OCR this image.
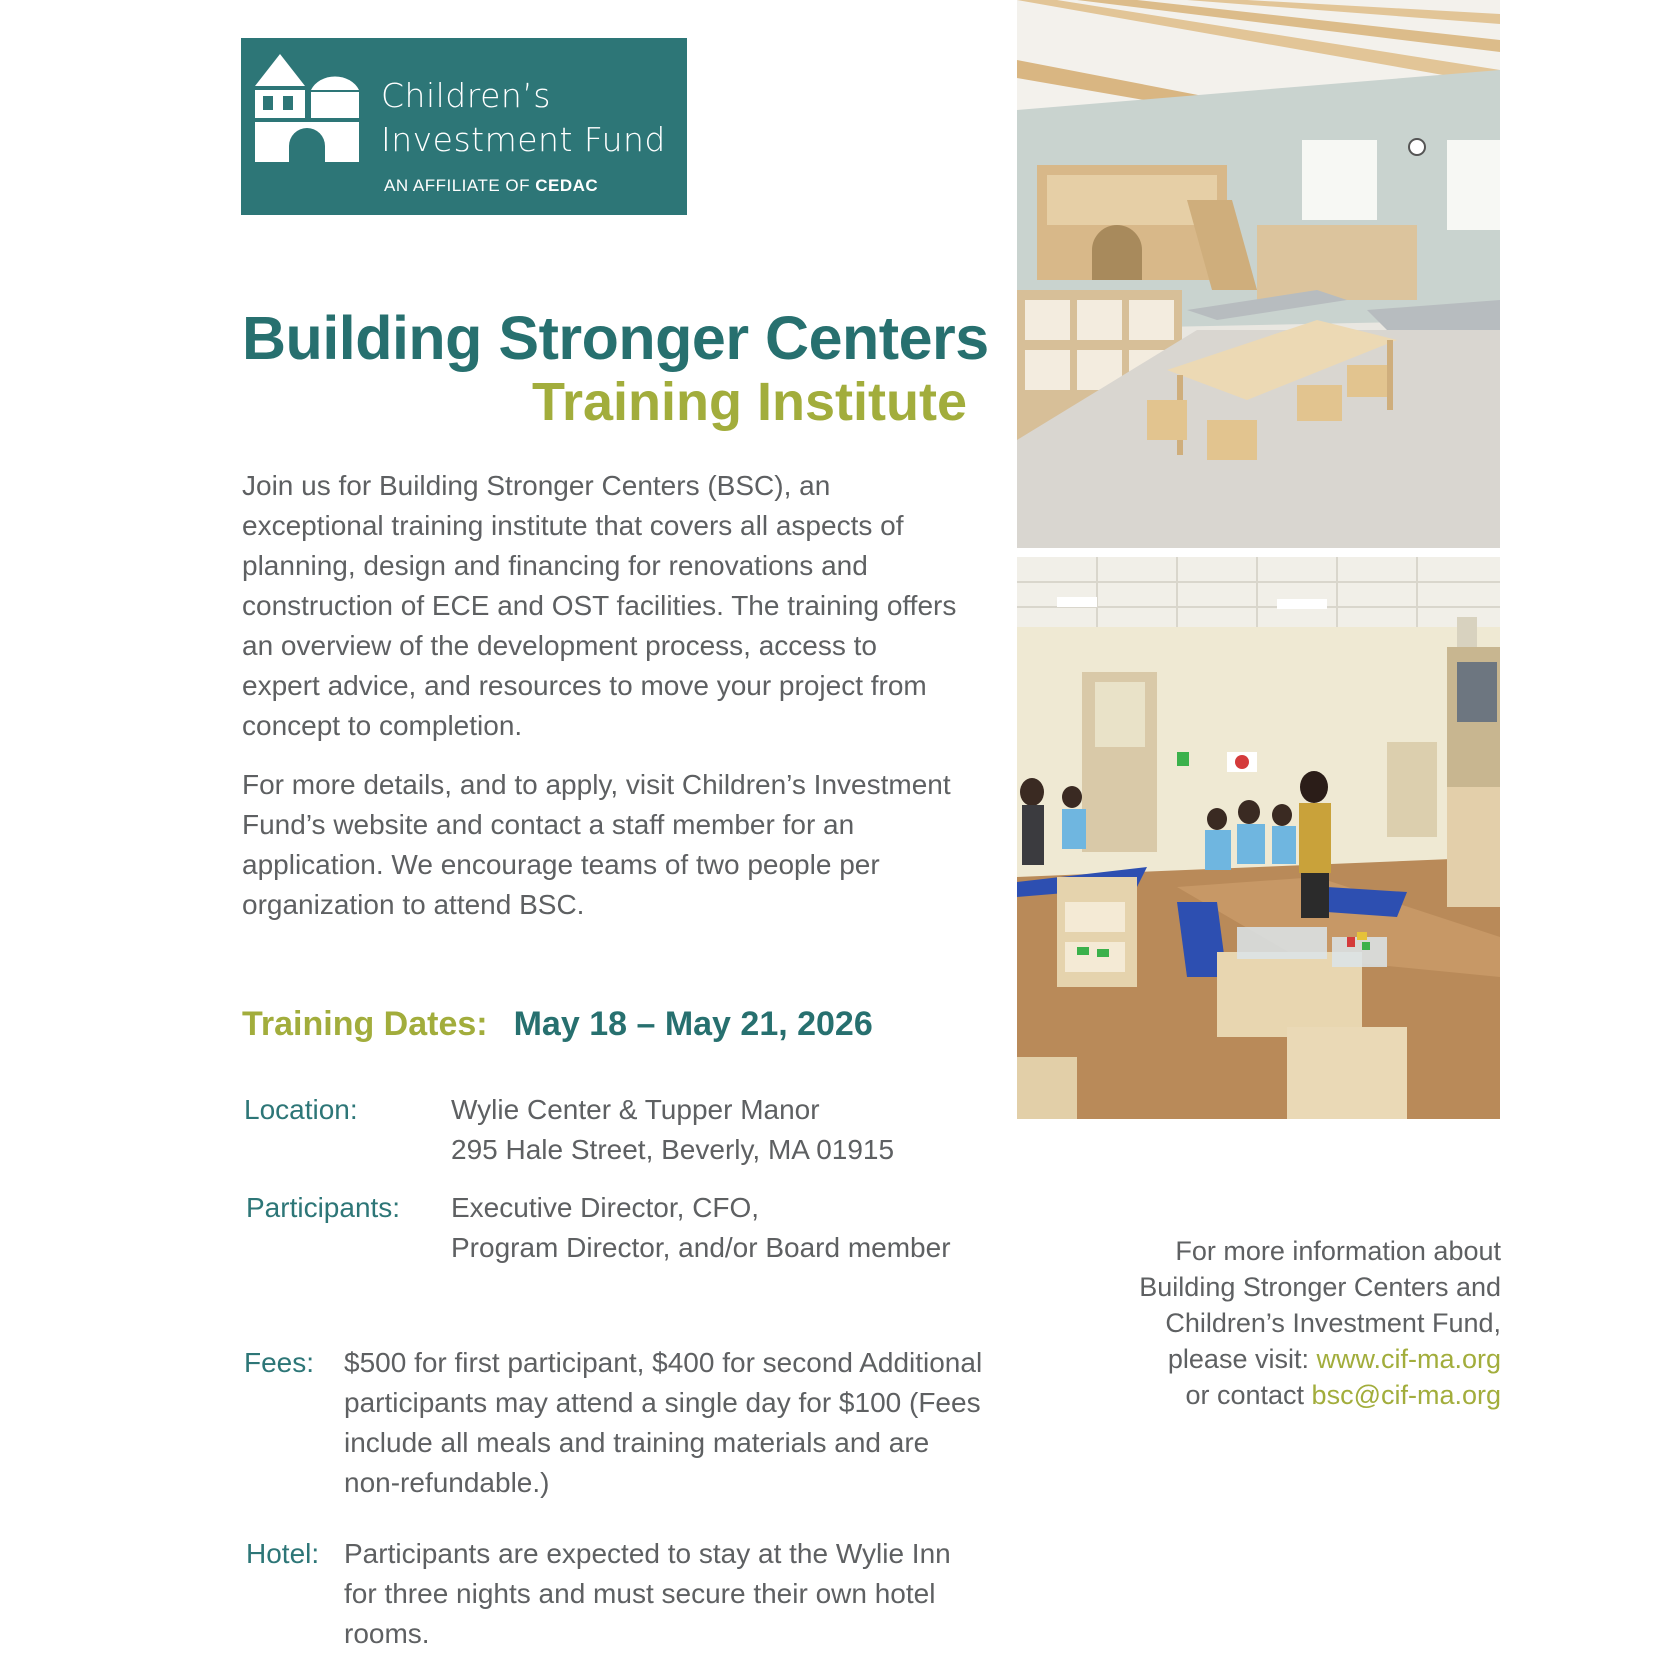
Children’s
Investment Fund
AN AFFILIATE OF CEDAC
Building Stronger Centers
Training Institute

Join us for Building Stronger Centers (BSC), an exceptional training institute that covers all aspects of planning, design and financing for renovations and construction of ECE and OST facilities. The training offers an overview of the development process, access to expert advice, and resources to move your project from concept to completion.

For more details, and to apply, visit Children’s Investment Fund’s website and contact a staff member for an application. We encourage teams of two people per organization to attend BSC.

Training Dates: May 18 – May 21, 2026
Location:	Wylie Center & Tupper Manor
295 Hale Street, Beverly, MA 01915
Participants: Executive Director, CFO,
Program Director, and/or Board member
Fees: $500 for first participant, $400 for second Additional participants may attend a single day for $100 (Fees include all meals and training materials and are non-refundable.)
Hotel: Participants are expected to stay at the Wylie Inn for three nights and must secure their own hotel rooms.
For more information about
Building Stronger Centers and
Children’s Investment Fund,
please visit: www.cif-ma.org
or contact bsc@cif-ma.org
